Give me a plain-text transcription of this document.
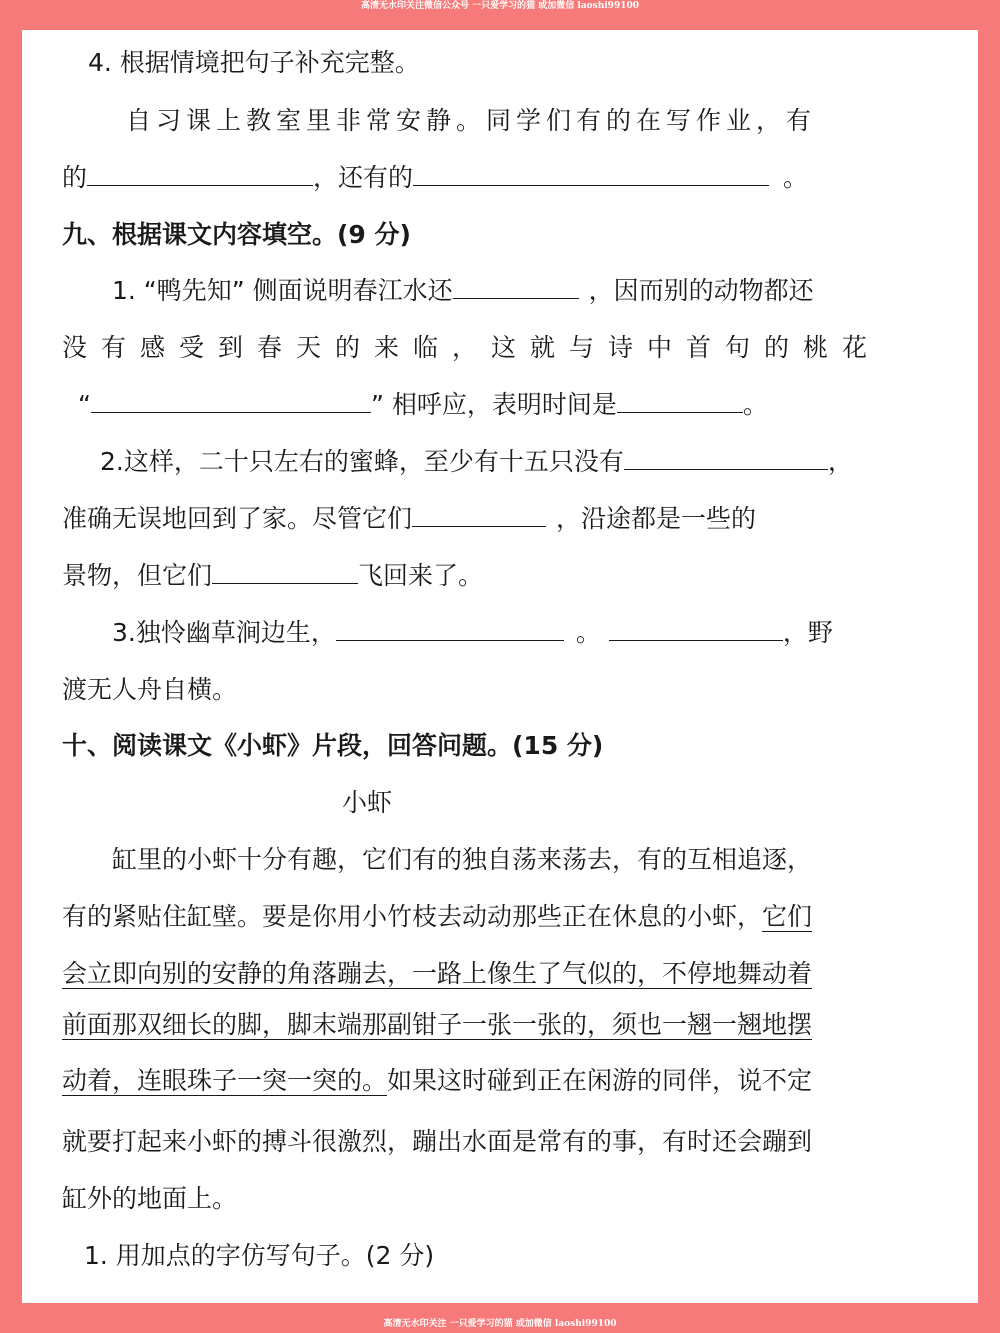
高清无水印关注微信公众号 一只爱学习的猫 或加微信 laoshi99100
4. 根据情境把句子补充完整。
自习课上教室里非常安静。同学们有的在写作业，有
的	，还有的	。
九、根据课文内容填空。(9 分)
1. “鸭先知” 侧面说明春江水还	，因而别的动物都还
没有感受到春天的来临，这就与诗中首句的桃花
“	” 相呼应，表明时间是	。
2.这样，二十只左右的蜜蜂，至少有十五只没有	，
准确无误地回到了家。尽管它们	，沿途都是一些的
景物，但它们	飞回来了。
3.独怜幽草涧边生，	。	，野
渡无人舟自横。
十、阅读课文《小虾》片段，回答问题。(15 分)
小虾
缸里的小虾十分有趣，它们有的独自荡来荡去，有的互相追逐，
有的紧贴住缸壁。要是你用小竹枝去动动那些正在休息的小虾，它们
会立即向别的安静的角落蹦去，一路上像生了气似的，不停地舞动着
前面那双细长的脚，脚末端那副钳子一张一张的，须也一翘一翘地摆
动着，连眼珠子一突一突的。如果这时碰到正在闲游的同伴，说不定
就要打起来小虾的搏斗很激烈，蹦出水面是常有的事，有时还会蹦到
缸外的地面上。
1. 用加点的字仿写句子。(2 分)
高清无水印关注 一只爱学习的猫 或加微信 laoshi99100
